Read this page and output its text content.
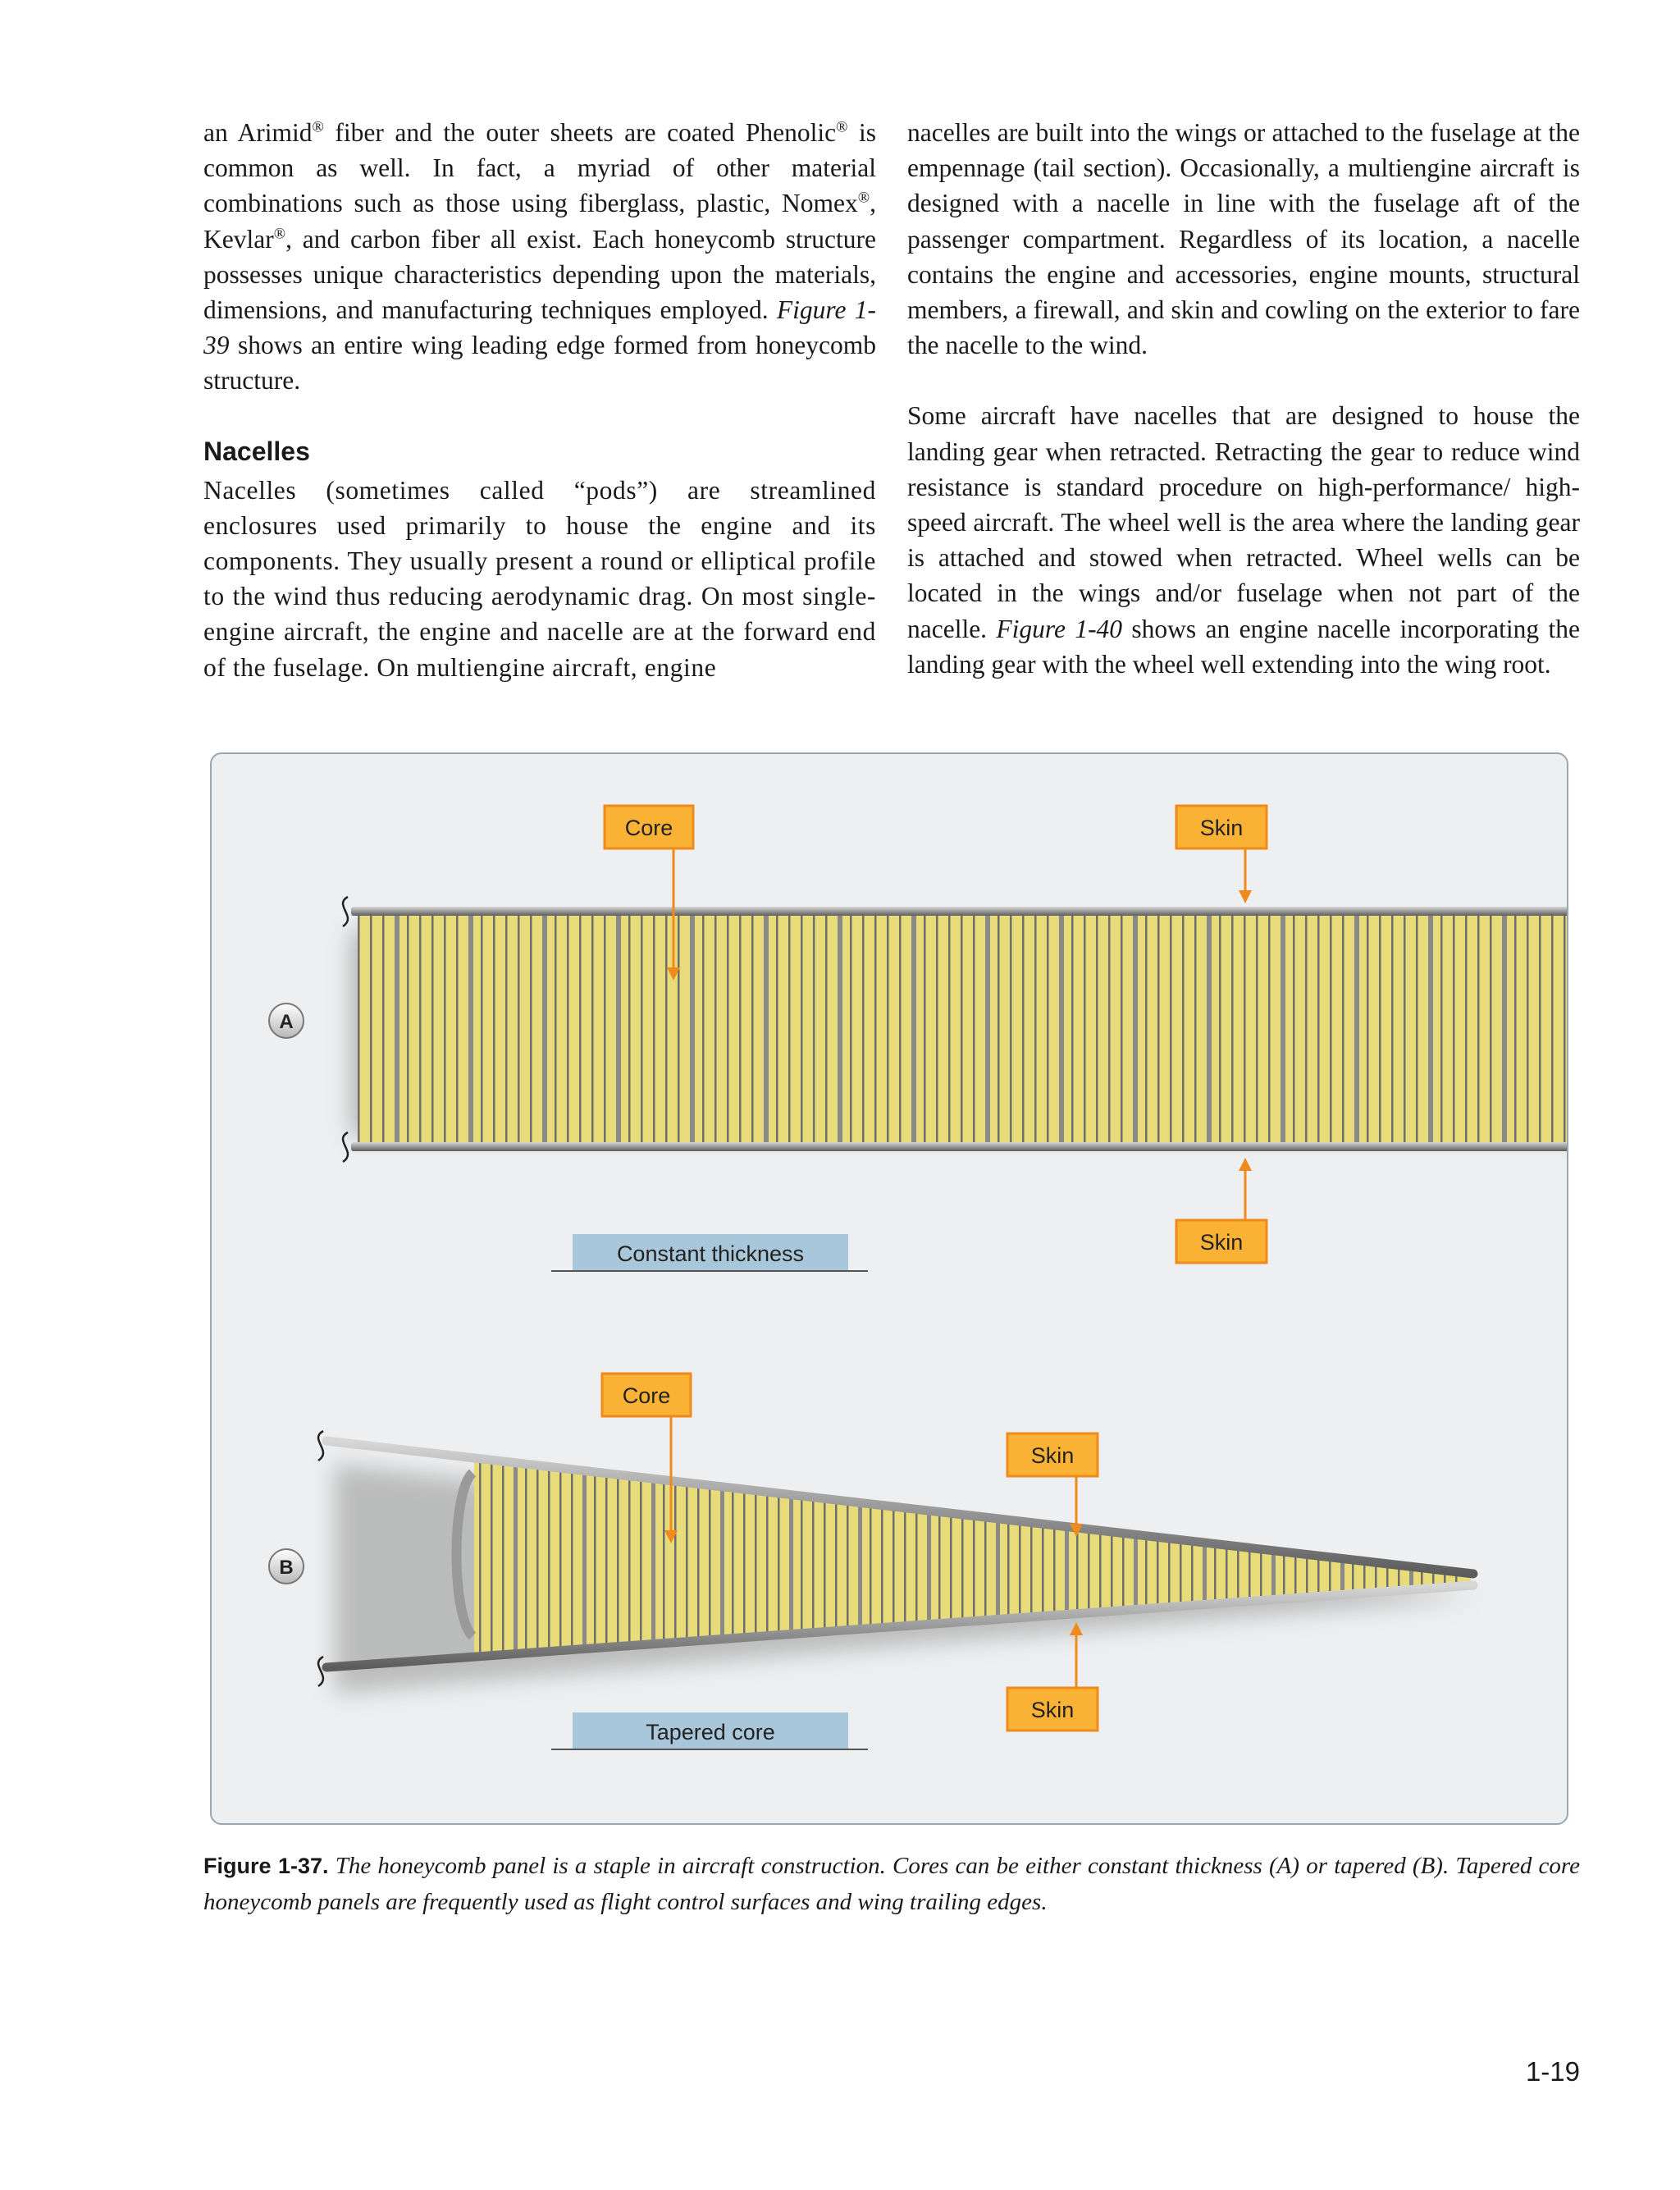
an Arimid® fiber and the outer sheets are coated Phenolic® is common as well. In fact, a myriad of other material combinations such as those using fiberglass, plastic, Nomex®, Kevlar®, and carbon fiber all exist. Each honeycomb structure possesses unique characteristics depending upon the materials, dimensions, and manufacturing techniques employed. Figure 1-39 shows an entire wing leading edge formed from honeycomb structure.

Nacelles

Nacelles (sometimes called “pods”) are streamlined enclosures used primarily to house the engine and its components. They usually present a round or elliptical profile to the wind thus reducing aerodynamic drag. On most single-engine aircraft, the engine and nacelle are at the forward end of the fuselage. On multiengine aircraft, engine

nacelles are built into the wings or attached to the fuselage at the empennage (tail section). Occasionally, a multiengine aircraft is designed with a nacelle in line with the fuselage aft of the passenger compartment. Regardless of its location, a nacelle contains the engine and accessories, engine mounts, structural members, a firewall, and skin and cowling on the exterior to fare the nacelle to the wind.

Some aircraft have nacelles that are designed to house the landing gear when retracted. Retracting the gear to reduce wind resistance is standard procedure on high-performance/ high-speed aircraft. The wheel well is the area where the landing gear is attached and stowed when retracted. Wheel wells can be located in the wings and/or fuselage when not part of the nacelle. Figure 1-40 shows an engine nacelle incorporating the landing gear with the wheel well extending into the wing root.

A
Core	Skin
Skin
Constant thickness
B
Core
Skin
Skin
Tapered core
Figure 1-37. The honeycomb panel is a staple in aircraft construction. Cores can be either constant thickness (A) or tapered (B). Tapered core honeycomb panels are frequently used as flight control surfaces and wing trailing edges.
1-19
